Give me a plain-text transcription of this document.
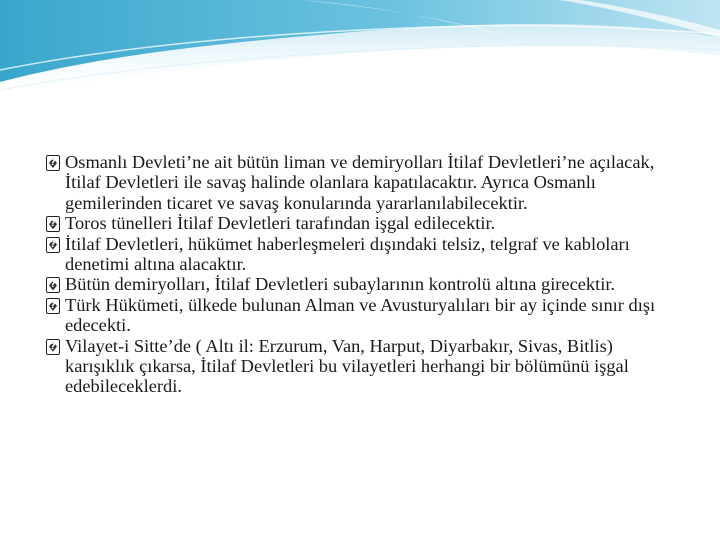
?
Osmanlı Devleti’ne ait bütün liman ve demiryolları İtilaf Devletleri’ne açılacak, İtilaf Devletleri ile savaş halinde olanlara kapatılacaktır. Ayrıca Osmanlı gemilerinden ticaret ve savaş konularında yararlanılabilecektir.
?
Toros tünelleri İtilaf Devletleri tarafından işgal edilecektir.
?
İtilaf Devletleri, hükümet haberleşmeleri dışındaki telsiz, telgraf ve kabloları denetimi altına alacaktır.
?
Bütün demiryolları, İtilaf Devletleri subaylarının kontrolü altına girecektir.
?
Türk Hükümeti, ülkede bulunan Alman ve Avusturyalıları bir ay içinde sınır dışı edecekti.
?
Vilayet-i Sitte’de ( Altı il: Erzurum, Van, Harput, Diyarbakır, Sivas, Bitlis) karışıklık çıkarsa, İtilaf Devletleri bu vilayetleri herhangi bir bölümünü işgal edebileceklerdi.
